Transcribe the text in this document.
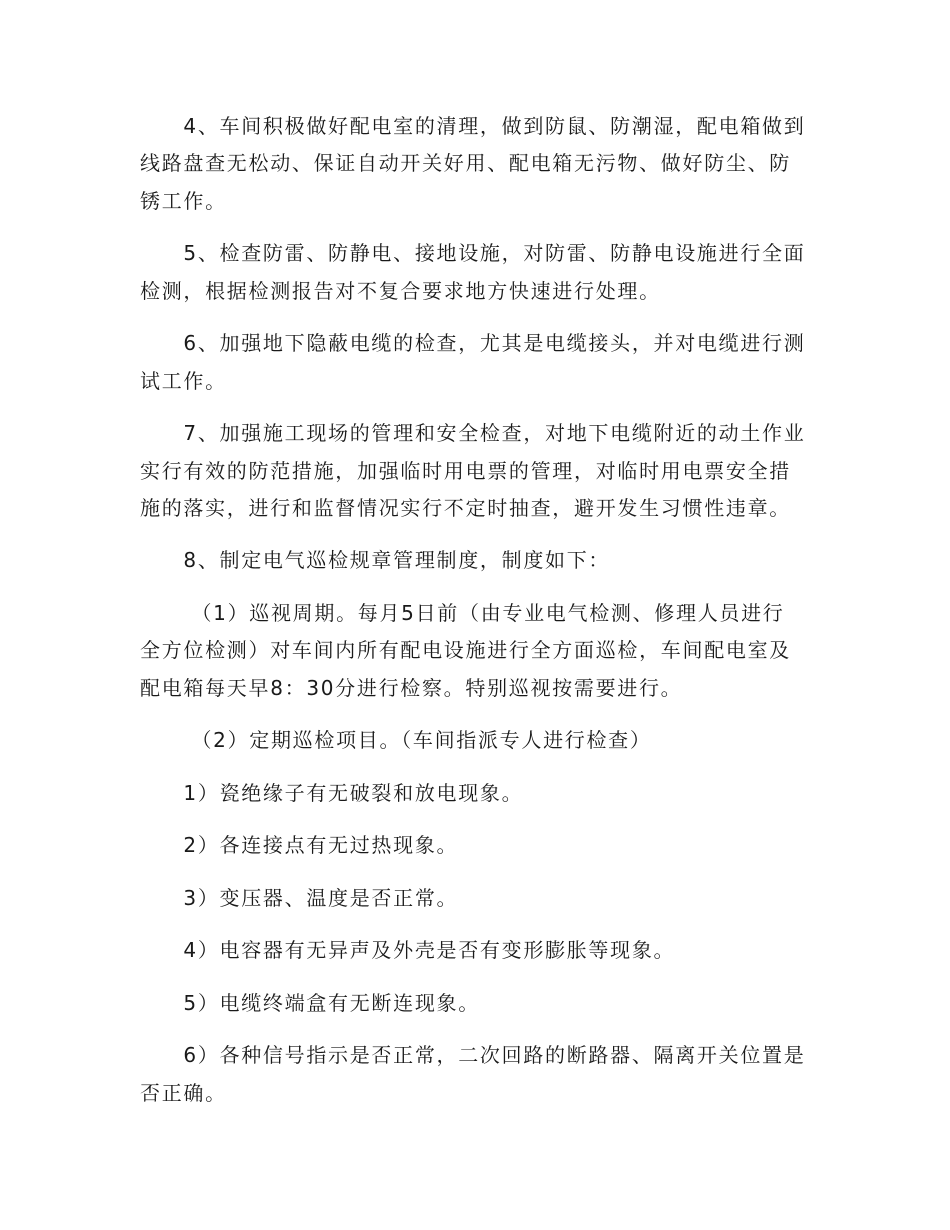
　　4、车间积极做好配电室的清理，做到防鼠、防潮湿，配电箱做到
线路盘查无松动、保证自动开关好用、配电箱无污物、做好防尘、防
锈工作。
　　5、检查防雷、防静电、接地设施，对防雷、防静电设施进行全面
检测，根据检测报告对不复合要求地方快速进行处理。
　　6、加强地下隐蔽电缆的检查，尤其是电缆接头，并对电缆进行测
试工作。
　　7、加强施工现场的管理和安全检查，对地下电缆附近的动土作业
实行有效的防范措施，加强临时用电票的管理，对临时用电票安全措
施的落实，进行和监督情况实行不定时抽查，避开发生习惯性违章。
　　8、制定电气巡检规章管理制度，制度如下：
　　 （1）巡视周期。每月5日前（由专业电气检测、修理人员进行
全方位检测）对车间内所有配电设施进行全方面巡检，车间配电室及
配电箱每天早8：30分进行检察。特别巡视按需要进行。
　　 （2）定期巡检项目。（车间指派专人进行检查）
　　1）瓷绝缘子有无破裂和放电现象。
　　2）各连接点有无过热现象。
　　3）变压器、温度是否正常。
　　4）电容器有无异声及外壳是否有变形膨胀等现象。
　　5）电缆终端盒有无断连现象。
　　6）各种信号指示是否正常，二次回路的断路器、隔离开关位置是
否正确。
